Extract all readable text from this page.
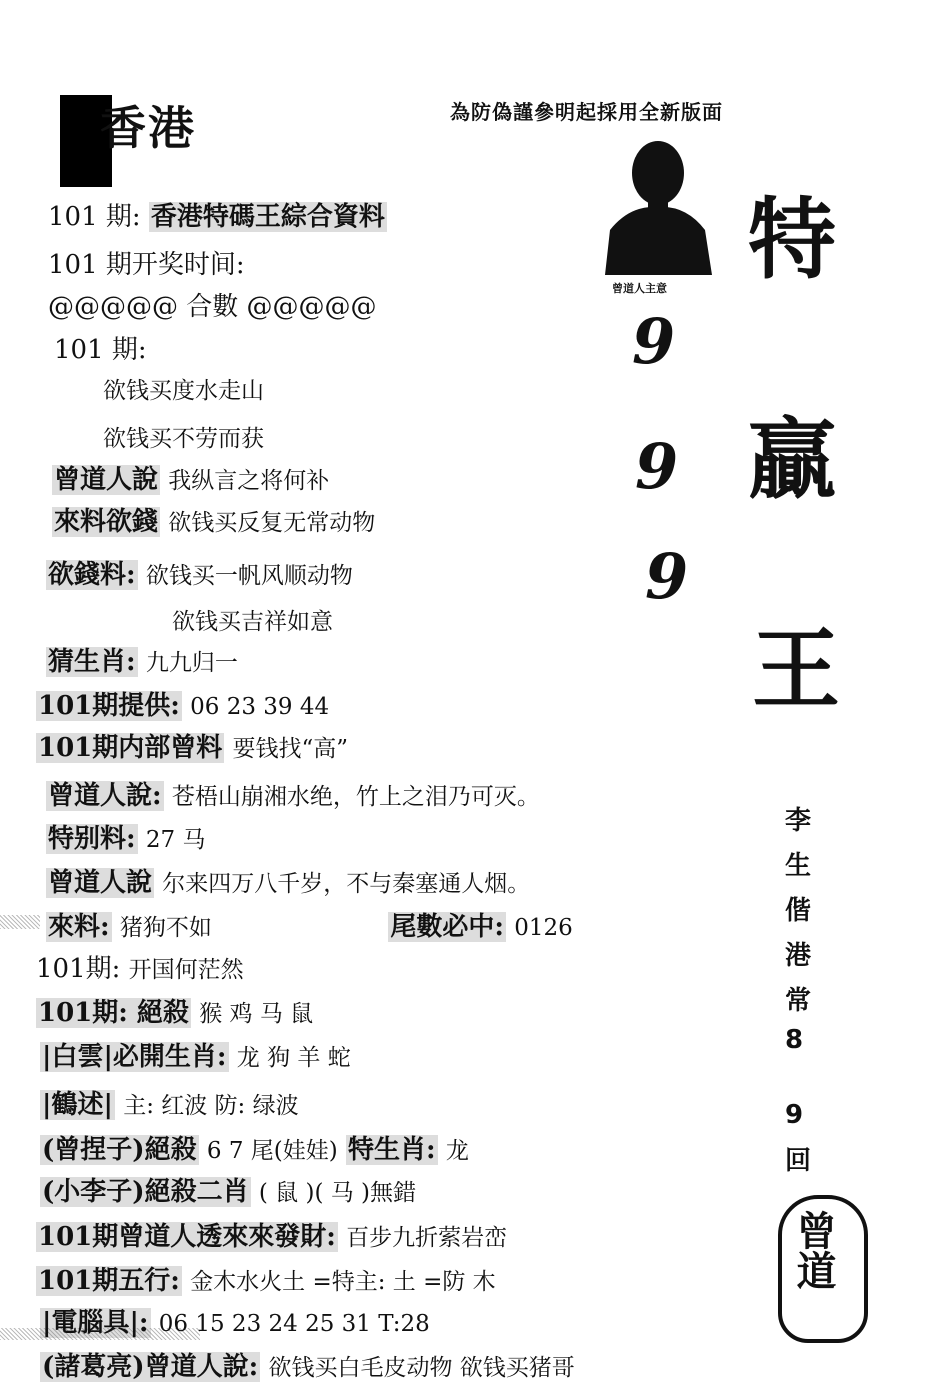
香港	為防偽謹參明起採用全新版面
曾道人主意
9
9
9
特
贏
王
李
生
偕
港
常
8
9
回
曾道
101 期: 香港特碼王綜合資料
101 期开奖时间:
@@@@@ 合數 @@@@@
101 期:
欲钱买度水走山
欲钱买不劳而获
曾道人說 我纵言之将何补
來料欲錢 欲钱买反复无常动物
欲錢料: 欲钱买一帆风顺动物
欲钱买吉祥如意
猜生肖: 九九归一
101期提供: 06 23 39 44
101期内部曾料 要钱找“高”
曾道人說: 苍梧山崩湘水绝，竹上之泪乃可灭。
特别料: 27 马
曾道人說 尔来四万八千岁，不与秦塞通人烟。
來料: 猪狗不如	尾數必中: 0126
101期: 开国何茫然
101期: 絕殺 猴 鸡 马 鼠
|白雲|必開生肖: 龙 狗 羊 蛇
|鶴述| 主: 红波 防: 绿波
(曾捏子)絕殺 6 7 尾(娃娃) 特生肖: 龙
(小李子)絕殺二肖 ( 鼠 )( 马 )無錯
101期曾道人透來來發財: 百步九折萦岩峦
101期五行: 金木水火土 =特主: 土 =防 木
|電腦具|: 06 15 23 24 25 31 T:28
(諸葛亮)曾道人說: 欲钱买白毛皮动物 欲钱买猪哥
